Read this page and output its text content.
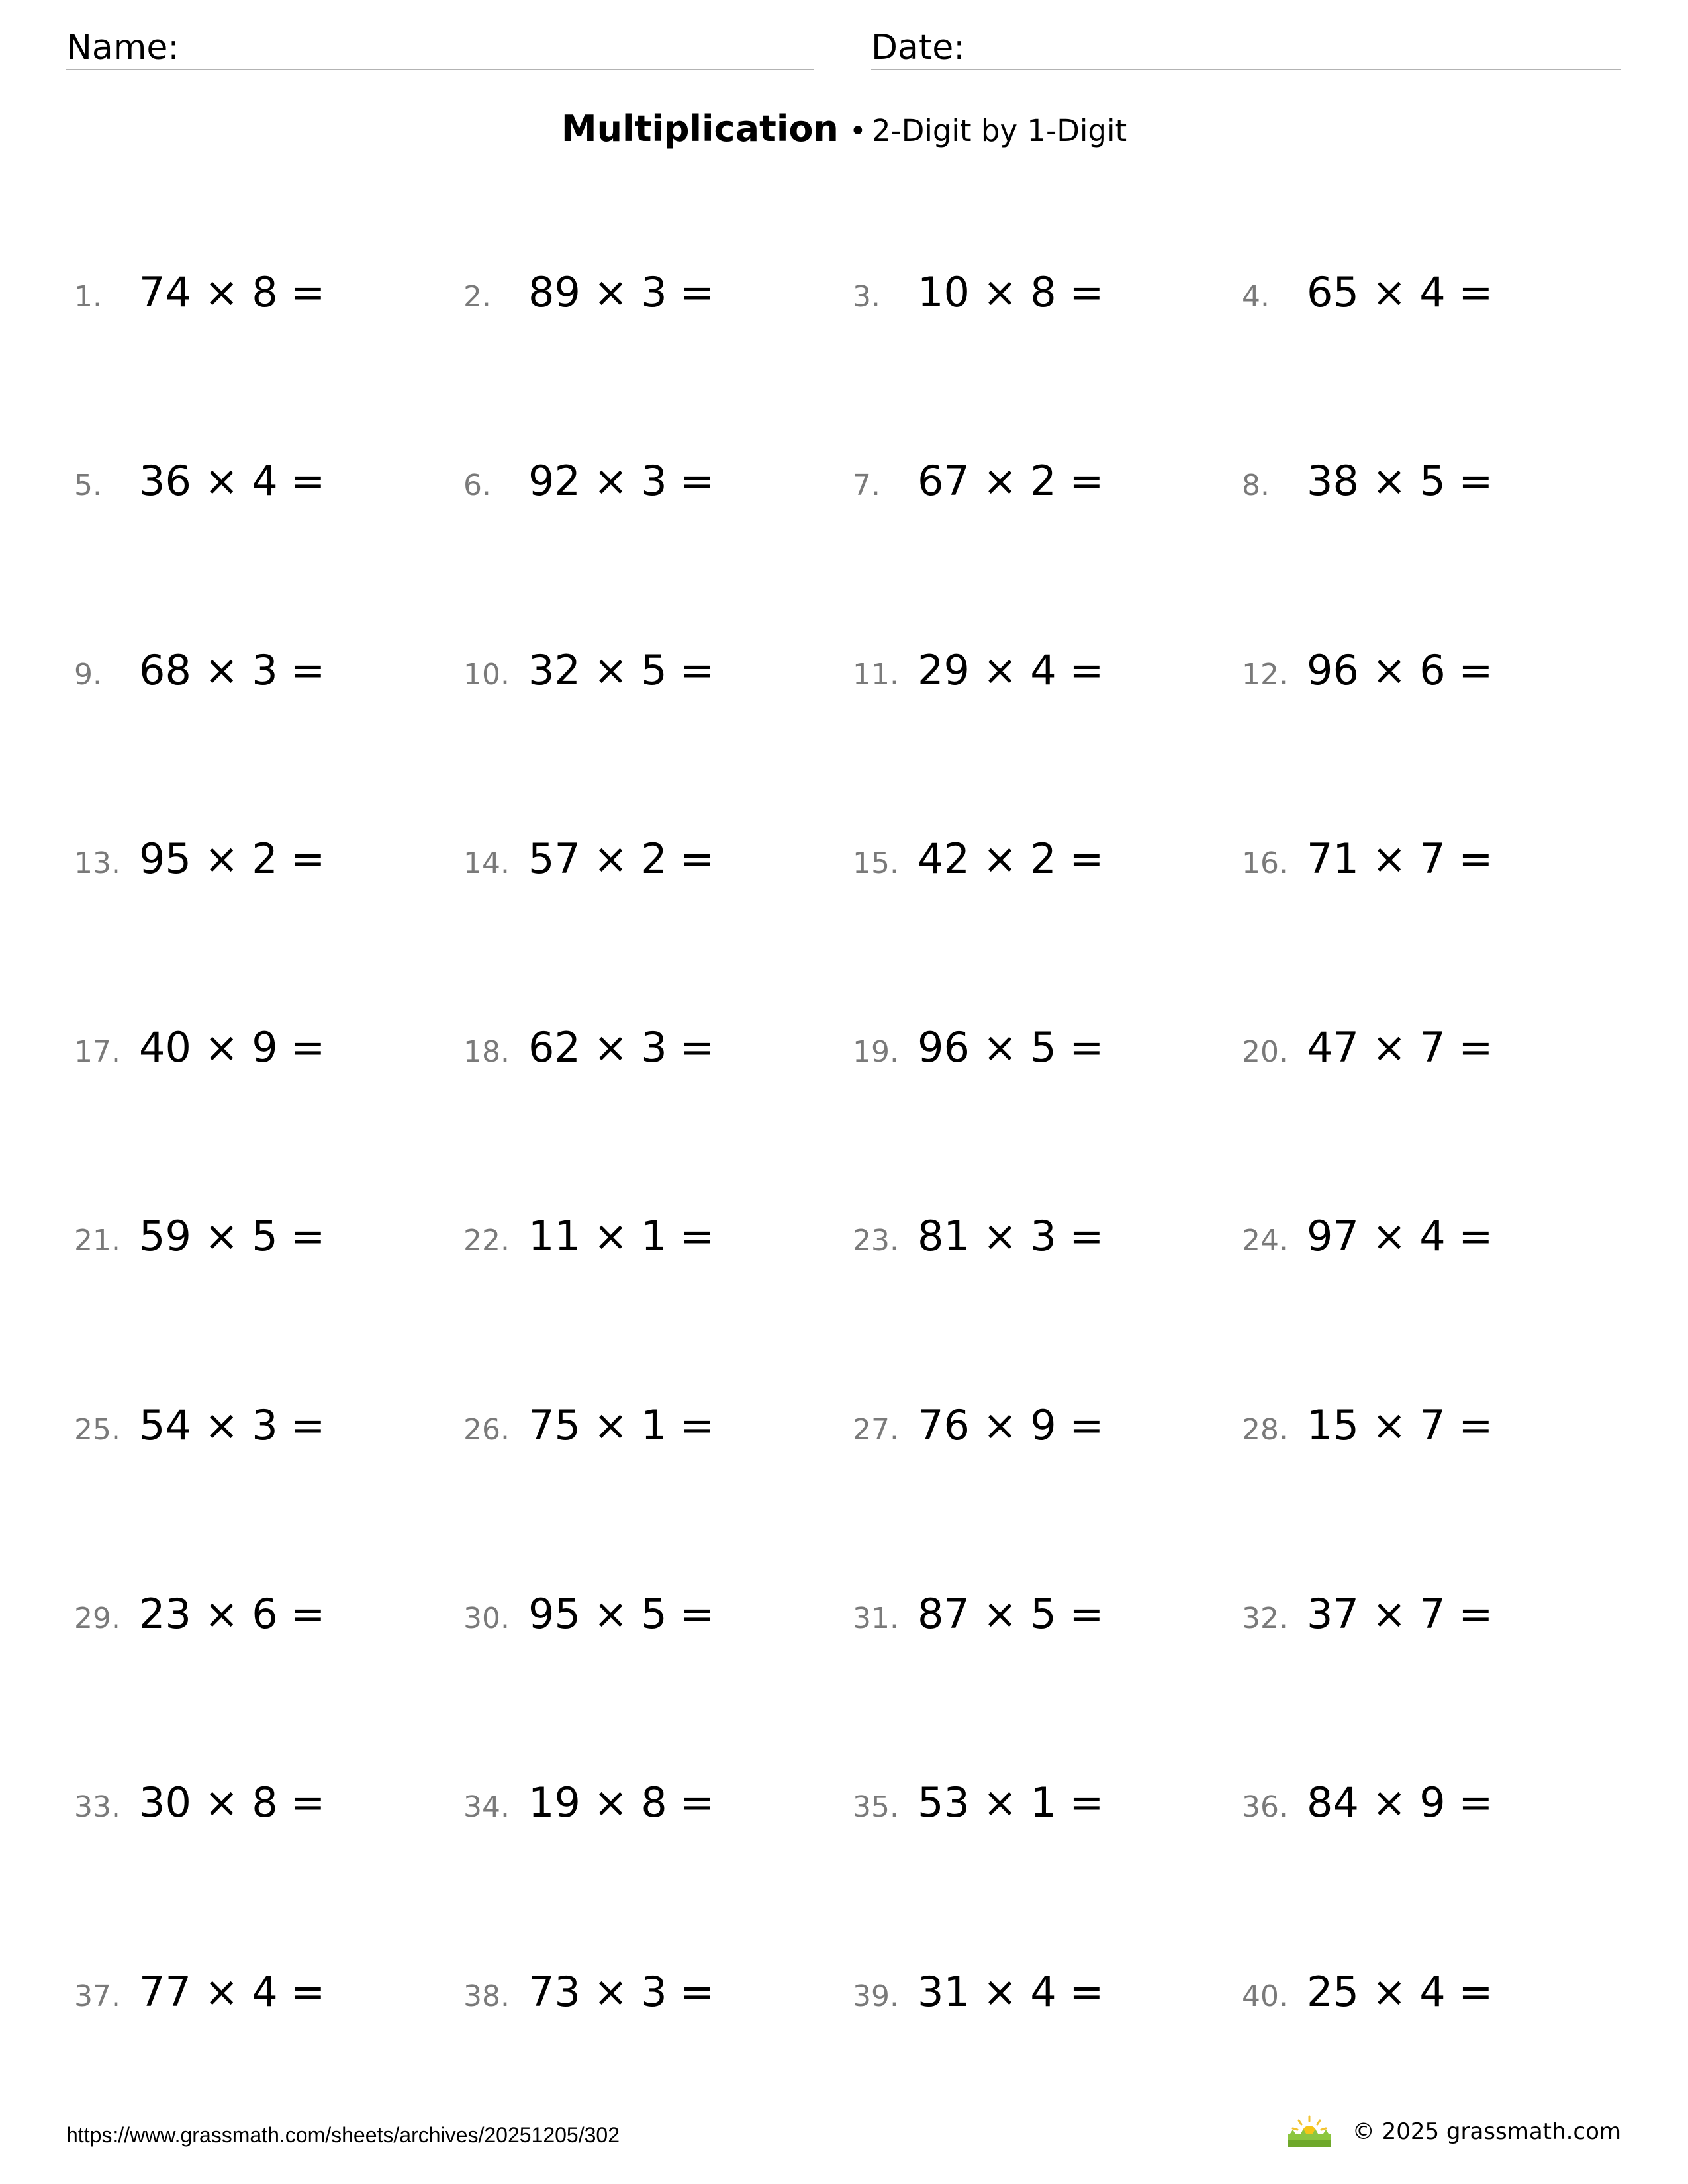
Name:	Date:
Multiplication • 2-Digit by 1-Digit
1. 74 × 8 =	2. 89 × 3 =	3. 10 × 8 =	4. 65 × 4 =
5. 36 × 4 =	6. 92 × 3 =	7. 67 × 2 =	8. 38 × 5 =
9. 68 × 3 =	10. 32 × 5 =	11. 29 × 4 =	12. 96 × 6 =
13. 95 × 2 =	14. 57 × 2 =	15. 42 × 2 =	16. 71 × 7 =
17. 40 × 9 =	18. 62 × 3 =	19. 96 × 5 =	20. 47 × 7 =
21. 59 × 5 =	22. 11 × 1 =	23. 81 × 3 =	24. 97 × 4 =
25. 54 × 3 =	26. 75 × 1 =	27. 76 × 9 =	28. 15 × 7 =
29. 23 × 6 =	30. 95 × 5 =	31. 87 × 5 =	32. 37 × 7 =
33. 30 × 8 =	34. 19 × 8 =	35. 53 × 1 =	36. 84 × 9 =
37. 77 × 4 =	38. 73 × 3 =	39. 31 × 4 =	40. 25 × 4 =
https://www.grassmath.com/sheets/archives/20251205/302	© 2025 grassmath.com
